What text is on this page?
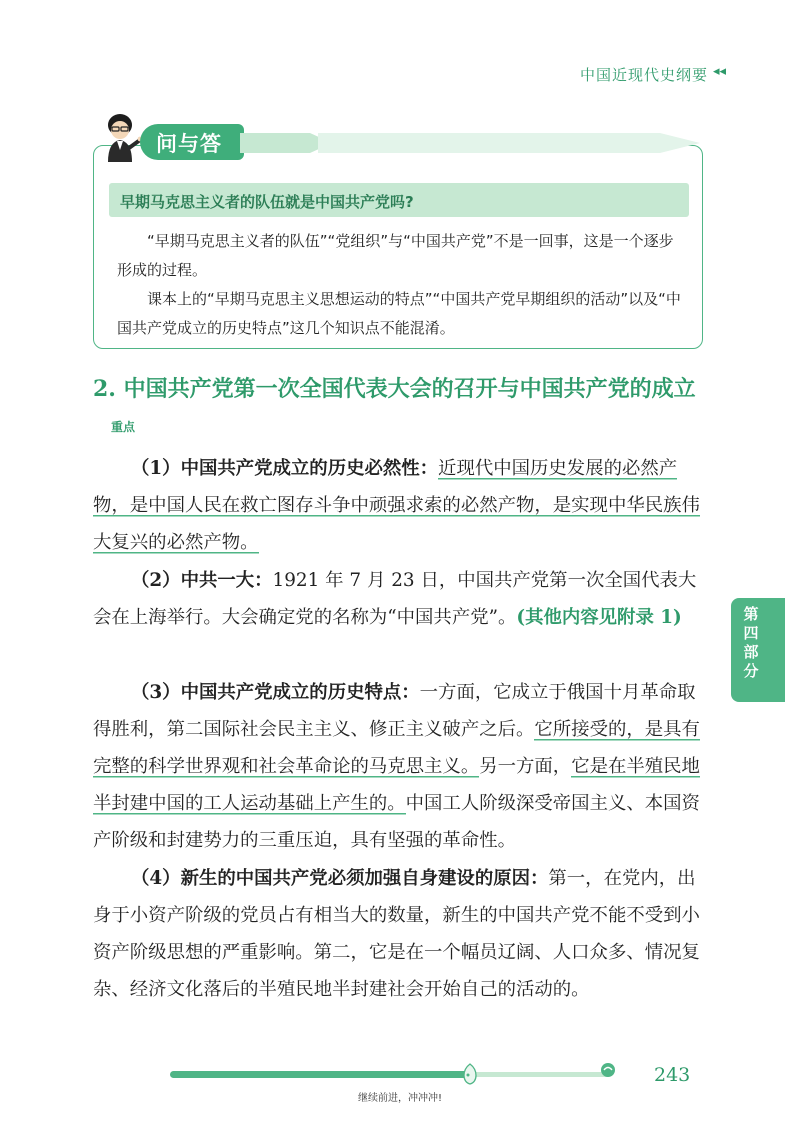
中国近现代史纲要 ◂◂
问与答
早期马克思主义者的队伍就是中国共产党吗?

“早期马克思主义者的队伍”“党组织”与“中国共产党”不是一回事，这是一个逐步形成的过程。

课本上的“早期马克思主义思想运动的特点”“中国共产党早期组织的活动”以及“中国共产党成立的历史特点”这几个知识点不能混淆。

2. 中国共产党第一次全国代表大会的召开与中国共产党的成立重点

（1）中国共产党成立的历史必然性：近现代中国历史发展的必然产物，是中国人民在救亡图存斗争中顽强求索的必然产物，是实现中华民族伟大复兴的必然产物。

（2）中共一大：1921 年 7 月 23 日，中国共产党第一次全国代表大会在上海举行。大会确定党的名称为“中国共产党”。(其他内容见附录 1)

（3）中国共产党成立的历史特点：一方面，它成立于俄国十月革命取得胜利，第二国际社会民主主义、修正主义破产之后。它所接受的，是具有完整的科学世界观和社会革命论的马克思主义。另一方面，它是在半殖民地半封建中国的工人运动基础上产生的。中国工人阶级深受帝国主义、本国资产阶级和封建势力的三重压迫，具有坚强的革命性。

（4）新生的中国共产党必须加强自身建设的原因：第一，在党内，出身于小资产阶级的党员占有相当大的数量，新生的中国共产党不能不受到小资产阶级思想的严重影响。第二，它是在一个幅员辽阔、人口众多、情况复杂、经济文化落后的半殖民地半封建社会开始自己的活动的。

第四部分
243
继续前进，冲冲冲!
